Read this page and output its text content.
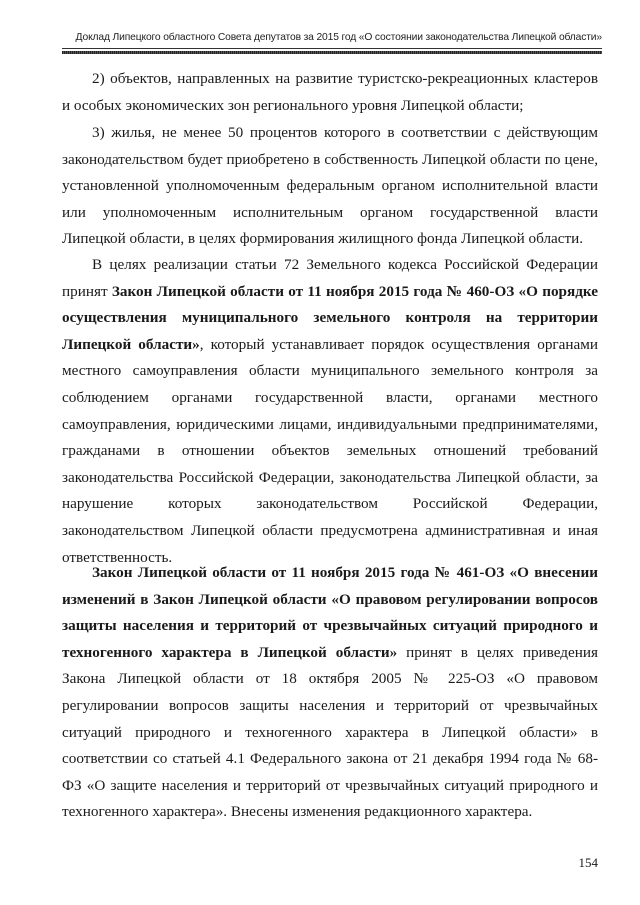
Доклад Липецкого областного Совета депутатов за 2015 год «О состоянии законодательства Липецкой области»

2) объектов, направленных на развитие туристско-рекреационных кластеров и особых экономических зон регионального уровня Липецкой области;

3) жилья, не менее 50 процентов которого в соответствии с действующим законодательством будет приобретено в собственность Липецкой области по цене, установленной уполномоченным федеральным органом исполнительной власти или уполномоченным исполнительным органом государственной власти Липецкой области, в целях формирования жилищного фонда Липецкой области.

В целях реализации статьи 72 Земельного кодекса Российской Федерации принят Закон Липецкой области от 11 ноября 2015 года № 460-ОЗ «О порядке осуществления муниципального земельного контроля на территории Липецкой области», который устанавливает порядок осуществления органами местного самоуправления области муниципального земельного контроля за соблюдением органами государственной власти, органами местного самоуправления, юридическими лицами, индивидуальными предпринимателями, гражданами в отношении объектов земельных отношений требований законодательства Российской Федерации, законодательства Липецкой области, за нарушение которых законодательством Российской Федерации, законодательством Липецкой области предусмотрена административная и иная ответственность.

Закон Липецкой области от 11 ноября 2015 года № 461-ОЗ «О внесении изменений в Закон Липецкой области «О правовом регулировании вопросов защиты населения и территорий от чрезвычайных ситуаций природного и техногенного характера в Липецкой области» принят в целях приведения Закона Липецкой области от 18 октября 2005 № 225-ОЗ «О правовом регулировании вопросов защиты населения и территорий от чрезвычайных ситуаций природного и техногенного характера в Липецкой области» в соответствии со статьей 4.1 Федерального закона от 21 декабря 1994 года № 68-ФЗ «О защите населения и территорий от чрезвычайных ситуаций природного и техногенного характера». Внесены изменения редакционного характера.

154
